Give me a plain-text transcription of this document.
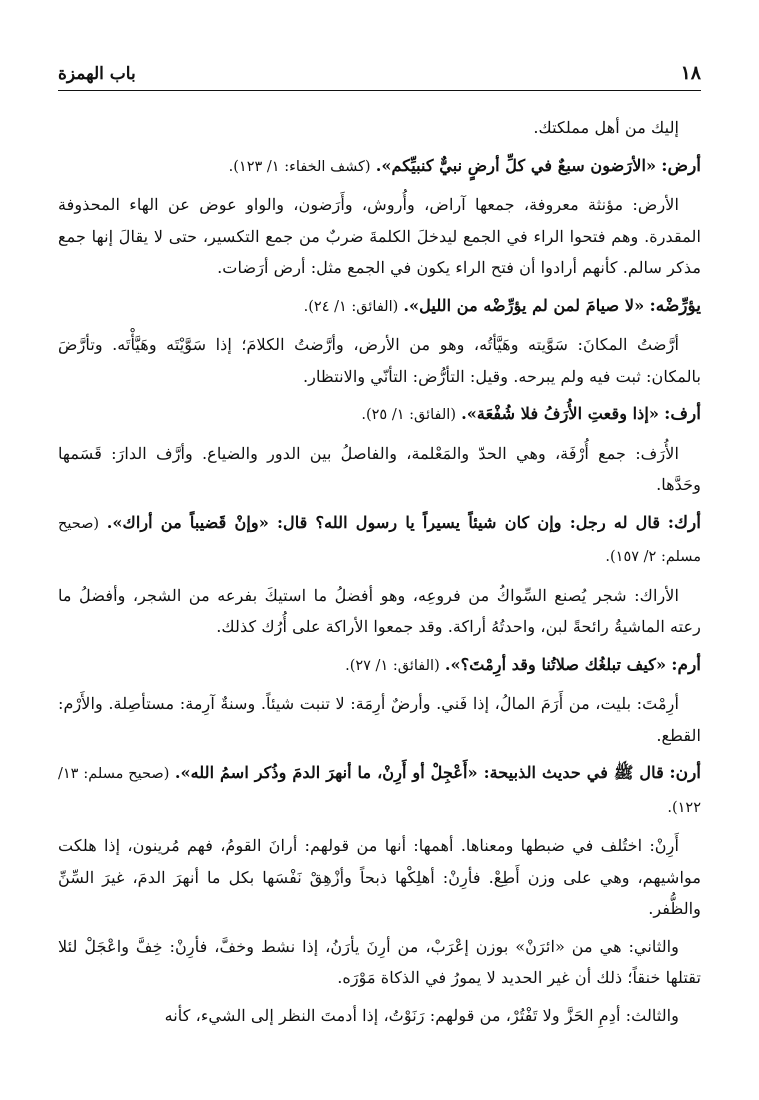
١٨
باب الهمزة

إليك من أهل مملكتك.

أرض: «الأرَضون سبعٌ في كلِّ أرضٍ نبيٌّ كنبيِّكم». (كشف الخفاء: ١/ ١٢٣).

الأرض: مؤنثة معروفة، جمعها آراض، وأُروش، وأَرَضون، والواو عوض عن الهاء المحذوفة المقدرة. وهم فتحوا الراء في الجمع ليدخلَ الكلمةَ ضربٌ من جمع التكسير، حتى لا يقالَ إنها جمع مذكر سالم. كأنهم أرادوا أن فتح الراء يكون في الجمع مثل: أرض أرَضات.

يؤرِّضْه: «لا صيامَ لمن لم يؤرِّضْه من الليل». (الفائق: ١/ ٢٤).

أرَّضتُ المكانَ: سَوَّيته وهَيَّأتُه، وهو من الأرض، وأرَّضتُ الكلامَ؛ إذا سَوَّيْتَه وهَيَّأْتَه. وتأرَّضَ بالمكان: ثبت فيه ولم يبرحه. وقيل: التأرُّض: التأنّي والانتظار.

أرف: «إذا وقعتِ الأُرَفُ فلا شُفْعَة». (الفائق: ١/ ٢٥).

الأُرَف: جمع أُرْفَة، وهي الحدّ والمَعْلمة، والفاصلُ بين الدور والضياع. وأرَّف الدارَ: قَسَمها وحَدَّها.

أرك: قال له رجل: وإن كان شيئاً يسيراً يا رسول الله؟ قال: «وإنْ قَضيباً من أراك». (صحيح مسلم: ٢/ ١٥٧).

الأراك: شجر يُصنع السِّواكُ من فروعِه، وهو أفضلُ ما استيكَ بفرعه من الشجر، وأفضلُ ما رعته الماشيةُ رائحةً لبن، واحدتُهُ أراكة. وقد جمعوا الأراكة على أُرُك كذلك.

أرم: «كيف تبلغُك صلاتُنا وقد أرِمْتَ؟». (الفائق: ١/ ٢٧).

أرِمْتَ: بليت، من أَرَمَ المالُ، إذا فَني. وأرضٌ أرِمَة: لا تنبت شيئاً. وسنةٌ آرِمة: مستأصِلة. والأَرْم: القطع.

أرن: قال ﷺ في حديث الذبيحة: «أَعْجِلْ أو أَرِنْ، ما أنهرَ الدمَ وذُكر اسمُ الله». (صحيح مسلم: ١٣/ ١٢٢).

أَرِنْ: اختُلف في ضبطها ومعناها. أهمها: أنها من قولهم: أرانَ القومُ، فهم مُرينون، إذا هلكت مواشيهم، وهي على وزن أَطِعْ. فأرِنْ: أهلِكْها ذبحاً وأزْهِقْ نَفْسَها بكل ما أنهرَ الدمَ، غيرَ السِّنِّ والظُّفر.

والثاني: هي من «ائرَنْ» بوزن إعْرَبْ، من أرِنَ يأرَنُ، إذا نشط وخفَّ، فأرِنْ: خِفَّ واعْجَلْ لئلا تقتلها خنقاً؛ ذلك أن غير الحديد لا يمورُ في الذكاة مَوْرَه.

والثالث: أدِمِ الحَزَّ ولا تَفْتُرْ، من قولهم: رَنَوْتُ، إذا أدمتَ النظر إلى الشيء، كأنه
